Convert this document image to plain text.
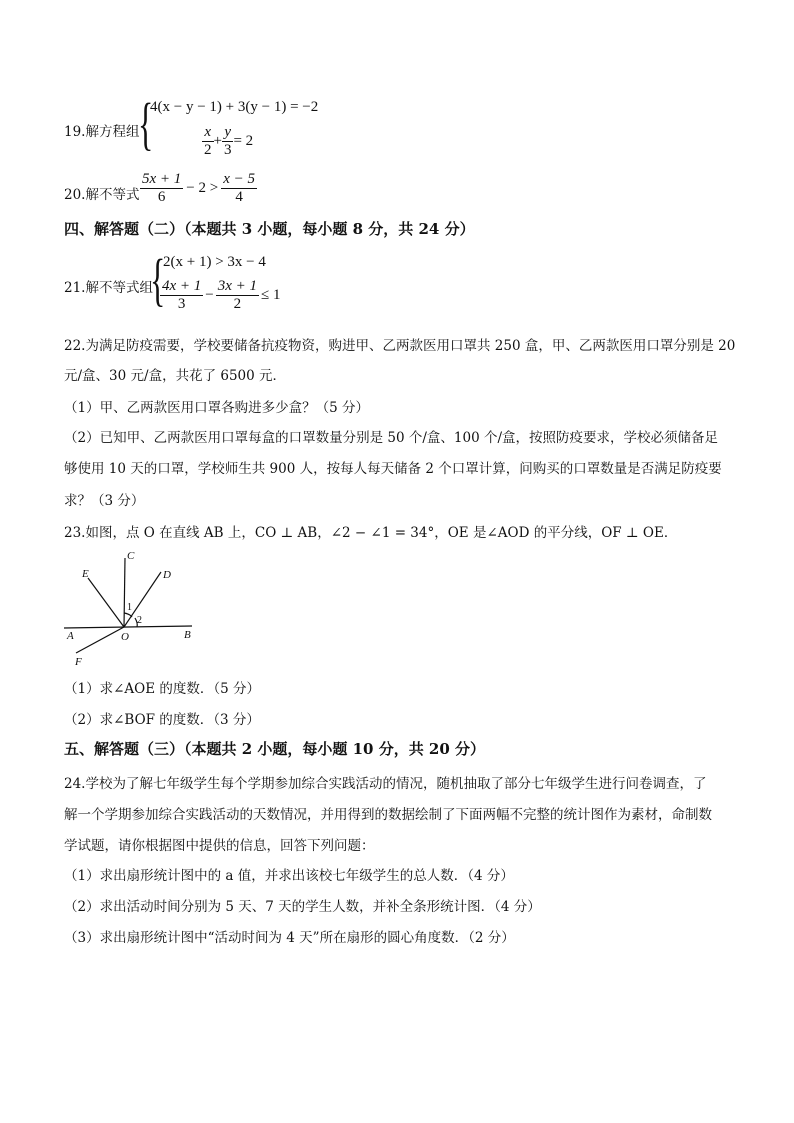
19.解方程组
{
4(x − y − 1) + 3(y − 1) = −2
$\frac{x}{2} + \frac{y}{3} = 2$
20.解不等式 $\frac{5x + 1}{6} - 2 > \frac{x - 5}{4}$
四、解答题（二）（本题共 3 小题，每小题 8 分，共 24 分）
21.解不等式组
{
2(x + 1) > 3x − 4
$\frac{4x + 1}{3} - \frac{3x + 1}{2} \le 1$
22.为满足防疫需要，学校要储备抗疫物资，购进甲、乙两款医用口罩共 250 盒，甲、乙两款医用口罩分别是 20
元/盒、30 元/盒，共花了 6500 元．
（1）甲、乙两款医用口罩各购进多少盒？（5 分）
（2）已知甲、乙两款医用口罩每盒的口罩数量分别是 50 个/盒、100 个/盒，按照防疫要求，学校必须储备足
够使用 10 天的口罩，学校师生共 900 人，按每人每天储备 2 个口罩计算，问购买的口罩数量是否满足防疫要
求？（3 分）
23.如图，点 O 在直线 AB 上，CO ⊥ AB，∠2 − ∠1 = 34°，OE 是∠AOD 的平分线，OF ⊥ OE．
C
E	D
A	O	B
F
1
2
（1）求∠AOE 的度数．（5 分）
（2）求∠BOF 的度数．（3 分）
五、解答题（三）（本题共 2 小题，每小题 10 分，共 20 分）
24.学校为了解七年级学生每个学期参加综合实践活动的情况，随机抽取了部分七年级学生进行问卷调查，了
解一个学期参加综合实践活动的天数情况，并用得到的数据绘制了下面两幅不完整的统计图作为素材，命制数
学试题，请你根据图中提供的信息，回答下列问题：
（1）求出扇形统计图中的 a 值，并求出该校七年级学生的总人数．（4 分）
（2）求出活动时间分别为 5 天、7 天的学生人数，并补全条形统计图．（4 分）
（3）求出扇形统计图中“活动时间为 4 天”所在扇形的圆心角度数．（2 分）
